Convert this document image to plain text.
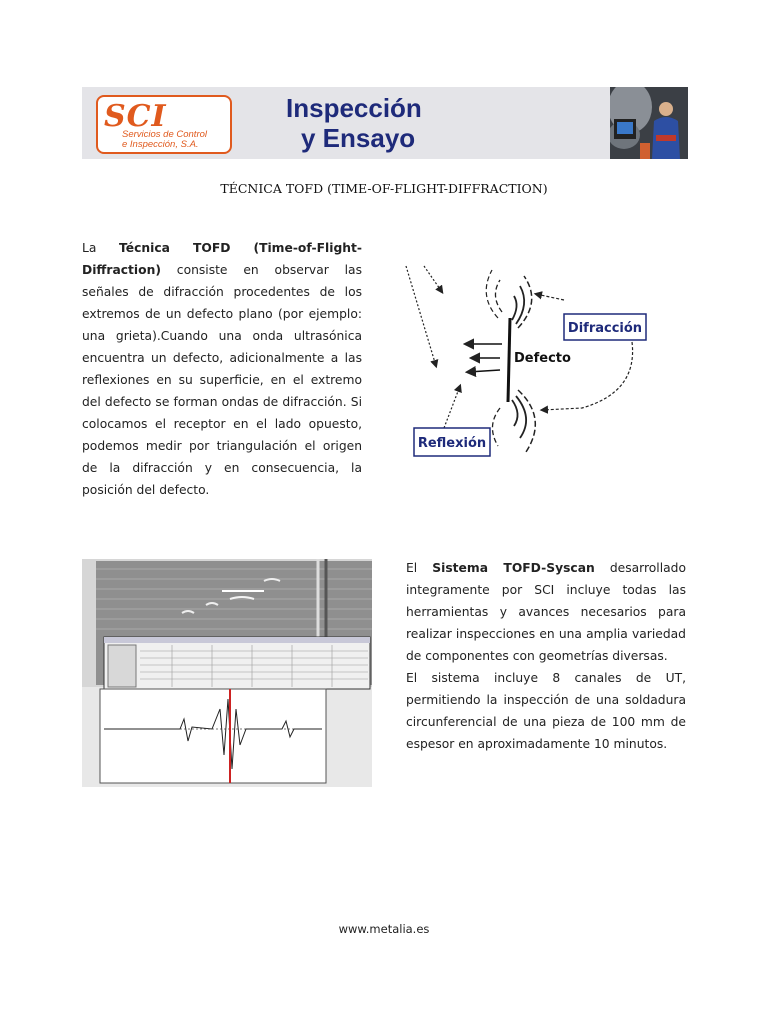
SCI
Servicios de Control
e Inspección, S.A.
Inspección
y Ensayo
TÉCNICA TOFD (TIME-OF-FLIGHT-DIFFRACTION)

La Técnica TOFD (Time-of-Flight-Diffraction) consiste en observar las señales de difracción procedentes de los extremos de un defecto plano (por ejemplo: una grieta).Cuando una onda ultrasónica encuentra un defecto, adicionalmente a las reflexiones en su superficie, en el extremo del defecto se forman ondas de difracción. Si colocamos el receptor en el lado opuesto, podemos medir por triangulación el origen de la difracción y en consecuencia, la posición del defecto.

Defecto
Difracción
Reflexión

El Sistema TOFD-Syscan desarrollado integramente por SCI incluye todas las herramientas y avances necesarios para realizar inspecciones en una amplia variedad de componentes con geometrías diversas.
El sistema incluye 8 canales de UT, permitiendo la inspección de una soldadura circunferencial de una pieza de 100 mm de espesor en aproximadamente 10 minutos.

www.metalia.es
